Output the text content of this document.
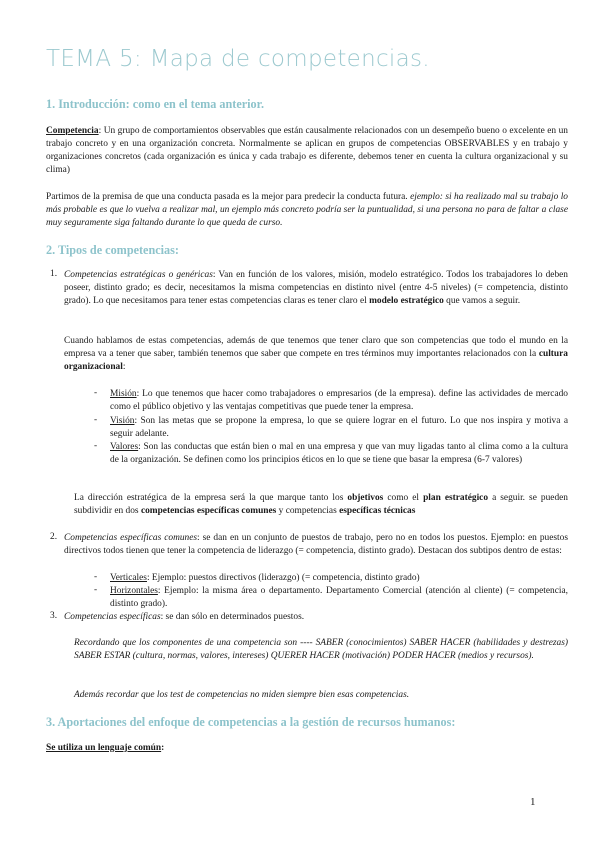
TEMA 5: Mapa de competencias.
1. Introducción: como en el tema anterior.
Competencia: Un grupo de comportamientos observables que están causalmente relacionados con un desempeño bueno o excelente en un trabajo concreto y en una organización concreta. Normalmente se aplican en grupos de competencias OBSERVABLES y en trabajo y organizaciones concretos (cada organización es única y cada trabajo es diferente, debemos tener en cuenta la cultura organizacional y su clima)
Partimos de la premisa de que una conducta pasada es la mejor para predecir la conducta futura. ejemplo: si ha realizado mal su trabajo lo más probable es que lo vuelva a realizar mal, un ejemplo más concreto podría ser la puntualidad, si una persona no para de faltar a clase muy seguramente siga faltando durante lo que queda de curso.
2. Tipos de competencias:
1. Competencias estratégicas o genéricas: Van en función de los valores, misión, modelo estratégico. Todos los trabajadores lo deben poseer, distinto grado; es decir, necesitamos la misma competencias en distinto nivel (entre 4-5 niveles) (= competencia, distinto grado). Lo que necesitamos para tener estas competencias claras es tener claro el modelo estratégico que vamos a seguir.
Cuando hablamos de estas competencias, además de que tenemos que tener claro que son competencias que todo el mundo en la empresa va a tener que saber, también tenemos que saber que compete en tres términos muy importantes relacionados con la cultura organizacional:
- Misión: Lo que tenemos que hacer como trabajadores o empresarios (de la empresa). define las actividades de mercado como el público objetivo y las ventajas competitivas que puede tener la empresa.
- Visión: Son las metas que se propone la empresa, lo que se quiere lograr en el futuro. Lo que nos inspira y motiva a seguir adelante.
- Valores: Son las conductas que están bien o mal en una empresa y que van muy ligadas tanto al clima como a la cultura de la organización. Se definen como los principios éticos en lo que se tiene que basar la empresa (6-7 valores)
La dirección estratégica de la empresa será la que marque tanto los objetivos como el plan estratégico a seguir. se pueden subdividir en dos competencias específicas comunes y competencias específicas técnicas
2. Competencias específicas comunes: se dan en un conjunto de puestos de trabajo, pero no en todos los puestos. Ejemplo: en puestos directivos todos tienen que tener la competencia de liderazgo (= competencia, distinto grado). Destacan dos subtipos dentro de estas:
- Verticales: Ejemplo: puestos directivos (liderazgo) (= competencia, distinto grado)
- Horizontales: Ejemplo: la misma área o departamento. Departamento Comercial (atención al cliente) (= competencia, distinto grado).
3. Competencias específicas: se dan sólo en determinados puestos.
Recordando que los componentes de una competencia son ---- SABER (conocimientos) SABER HACER (habilidades y destrezas) SABER ESTAR (cultura, normas, valores, intereses) QUERER HACER (motivación) PODER HACER (medios y recursos).
Además recordar que los test de competencias no miden siempre bien esas competencias.
3. Aportaciones del enfoque de competencias a la gestión de recursos humanos:
Se utiliza un lenguaje común:
1
